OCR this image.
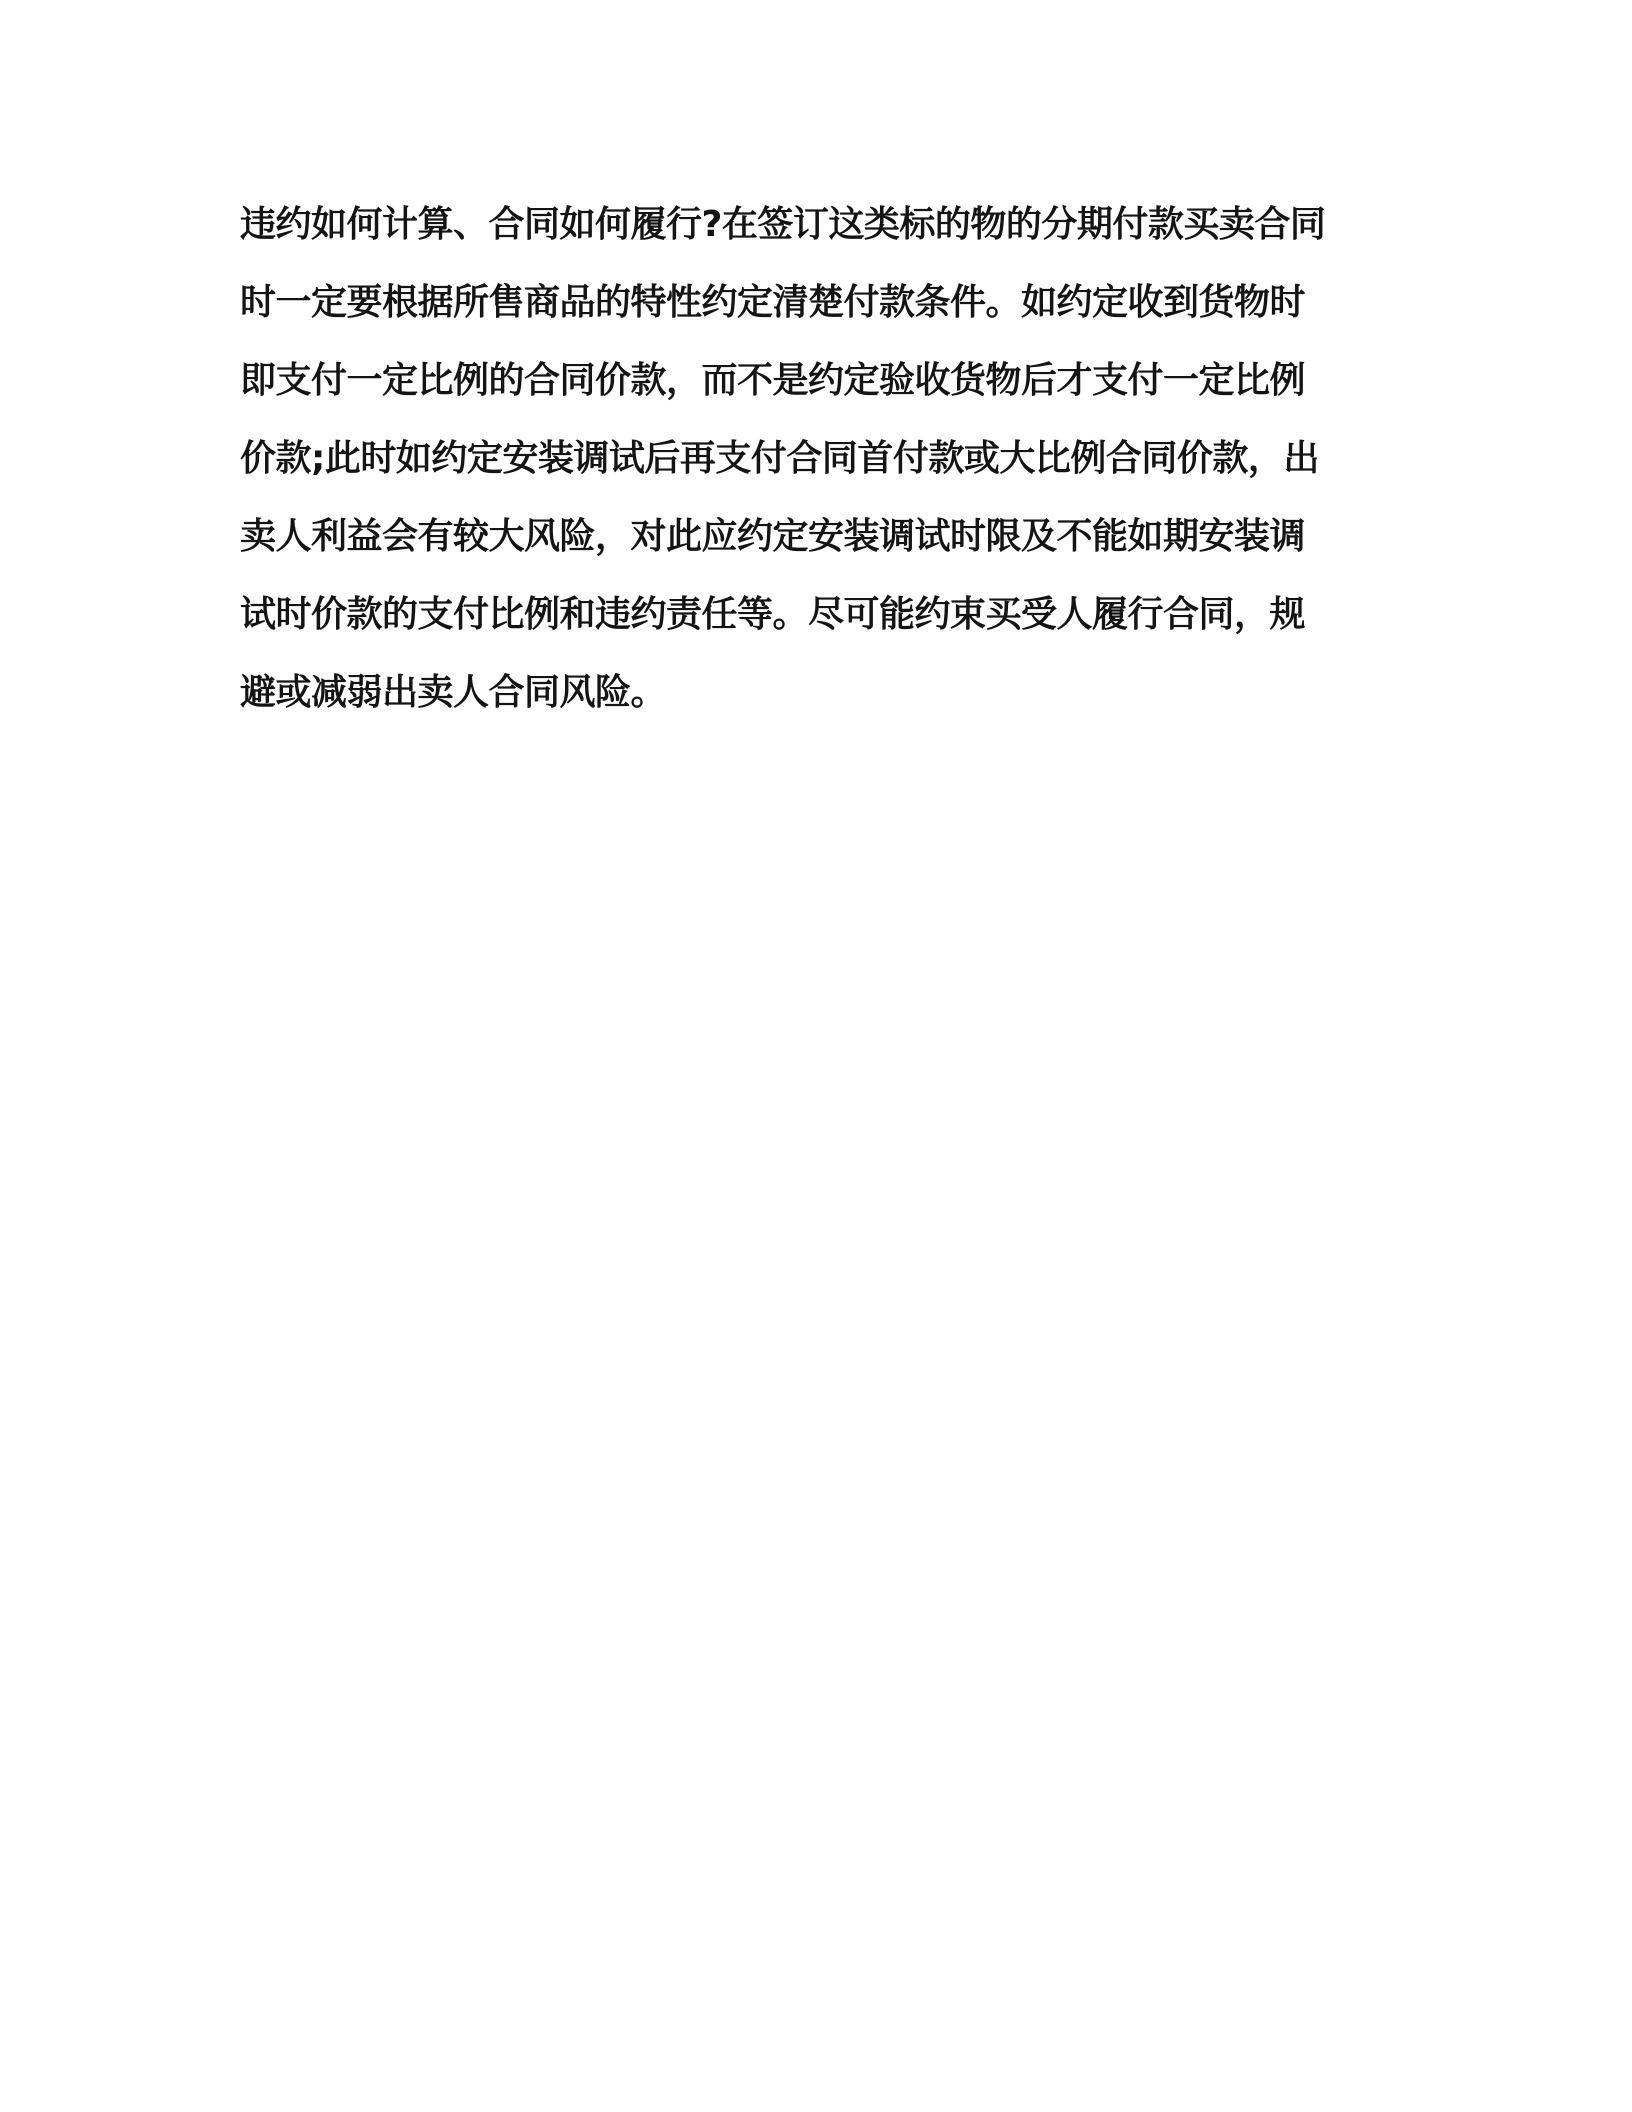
违约如何计算、合同如何履行?在签订这类标的物的分期付款买卖合同
时一定要根据所售商品的特性约定清楚付款条件。如约定收到货物时
即支付一定比例的合同价款，而不是约定验收货物后才支付一定比例
价款;此时如约定安装调试后再支付合同首付款或大比例合同价款，出
卖人利益会有较大风险，对此应约定安装调试时限及不能如期安装调
试时价款的支付比例和违约责任等。尽可能约束买受人履行合同，规
避或减弱出卖人合同风险。
